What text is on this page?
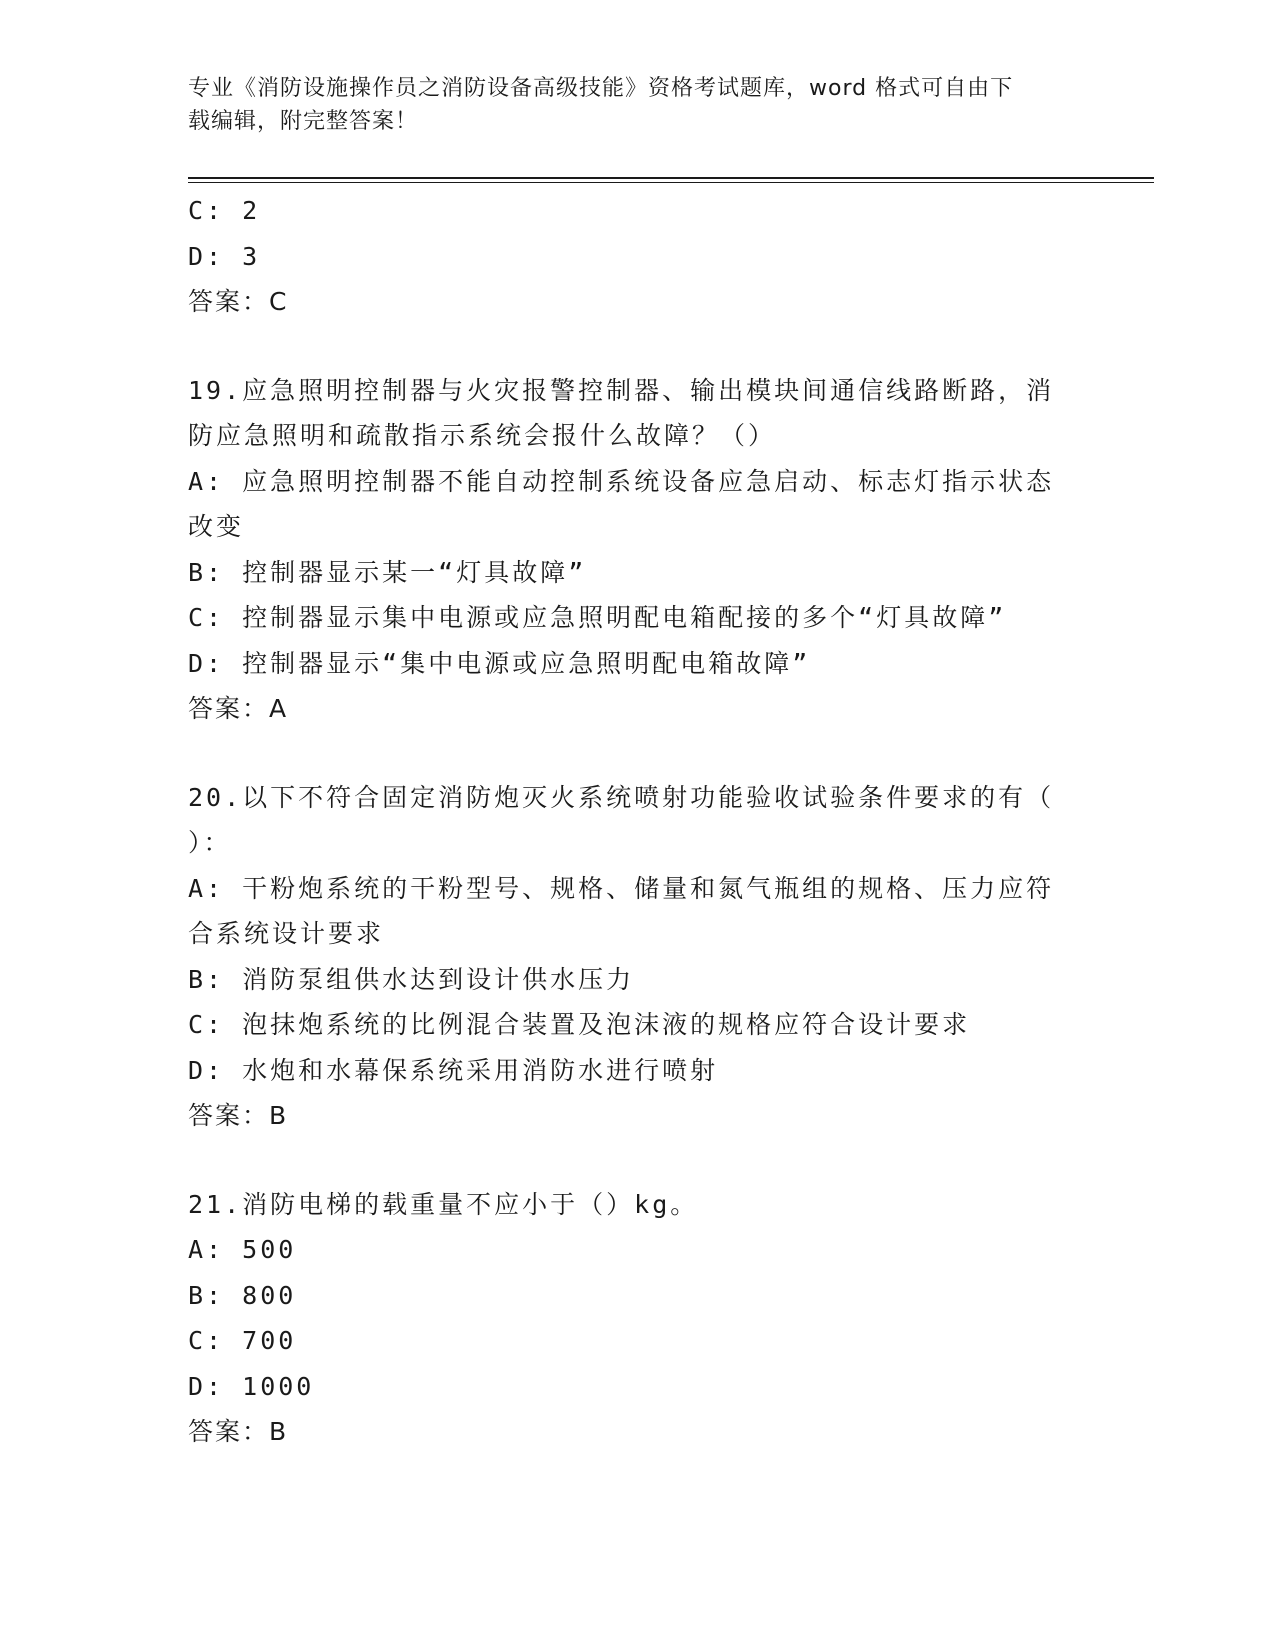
专业《消防设施操作员之消防设备高级技能》资格考试题库，word 格式可自由下
载编辑，附完整答案！
C: 2
D: 3
答案：C
19.应急照明控制器与火灾报警控制器、输出模块间通信线路断路，消
防应急照明和疏散指示系统会报什么故障？（）
A: 应急照明控制器不能自动控制系统设备应急启动、标志灯指示状态
改变
B: 控制器显示某一“灯具故障”
C: 控制器显示集中电源或应急照明配电箱配接的多个“灯具故障”
D: 控制器显示“集中电源或应急照明配电箱故障”
答案：A
20.以下不符合固定消防炮灭火系统喷射功能验收试验条件要求的有（
）：
A: 干粉炮系统的干粉型号、规格、储量和氮气瓶组的规格、压力应符
合系统设计要求
B: 消防泵组供水达到设计供水压力
C: 泡抹炮系统的比例混合装置及泡沫液的规格应符合设计要求
D: 水炮和水幕保系统采用消防水进行喷射
答案：B
21.消防电梯的载重量不应小于（）kg。
A: 500
B: 800
C: 700
D: 1000
答案：B
